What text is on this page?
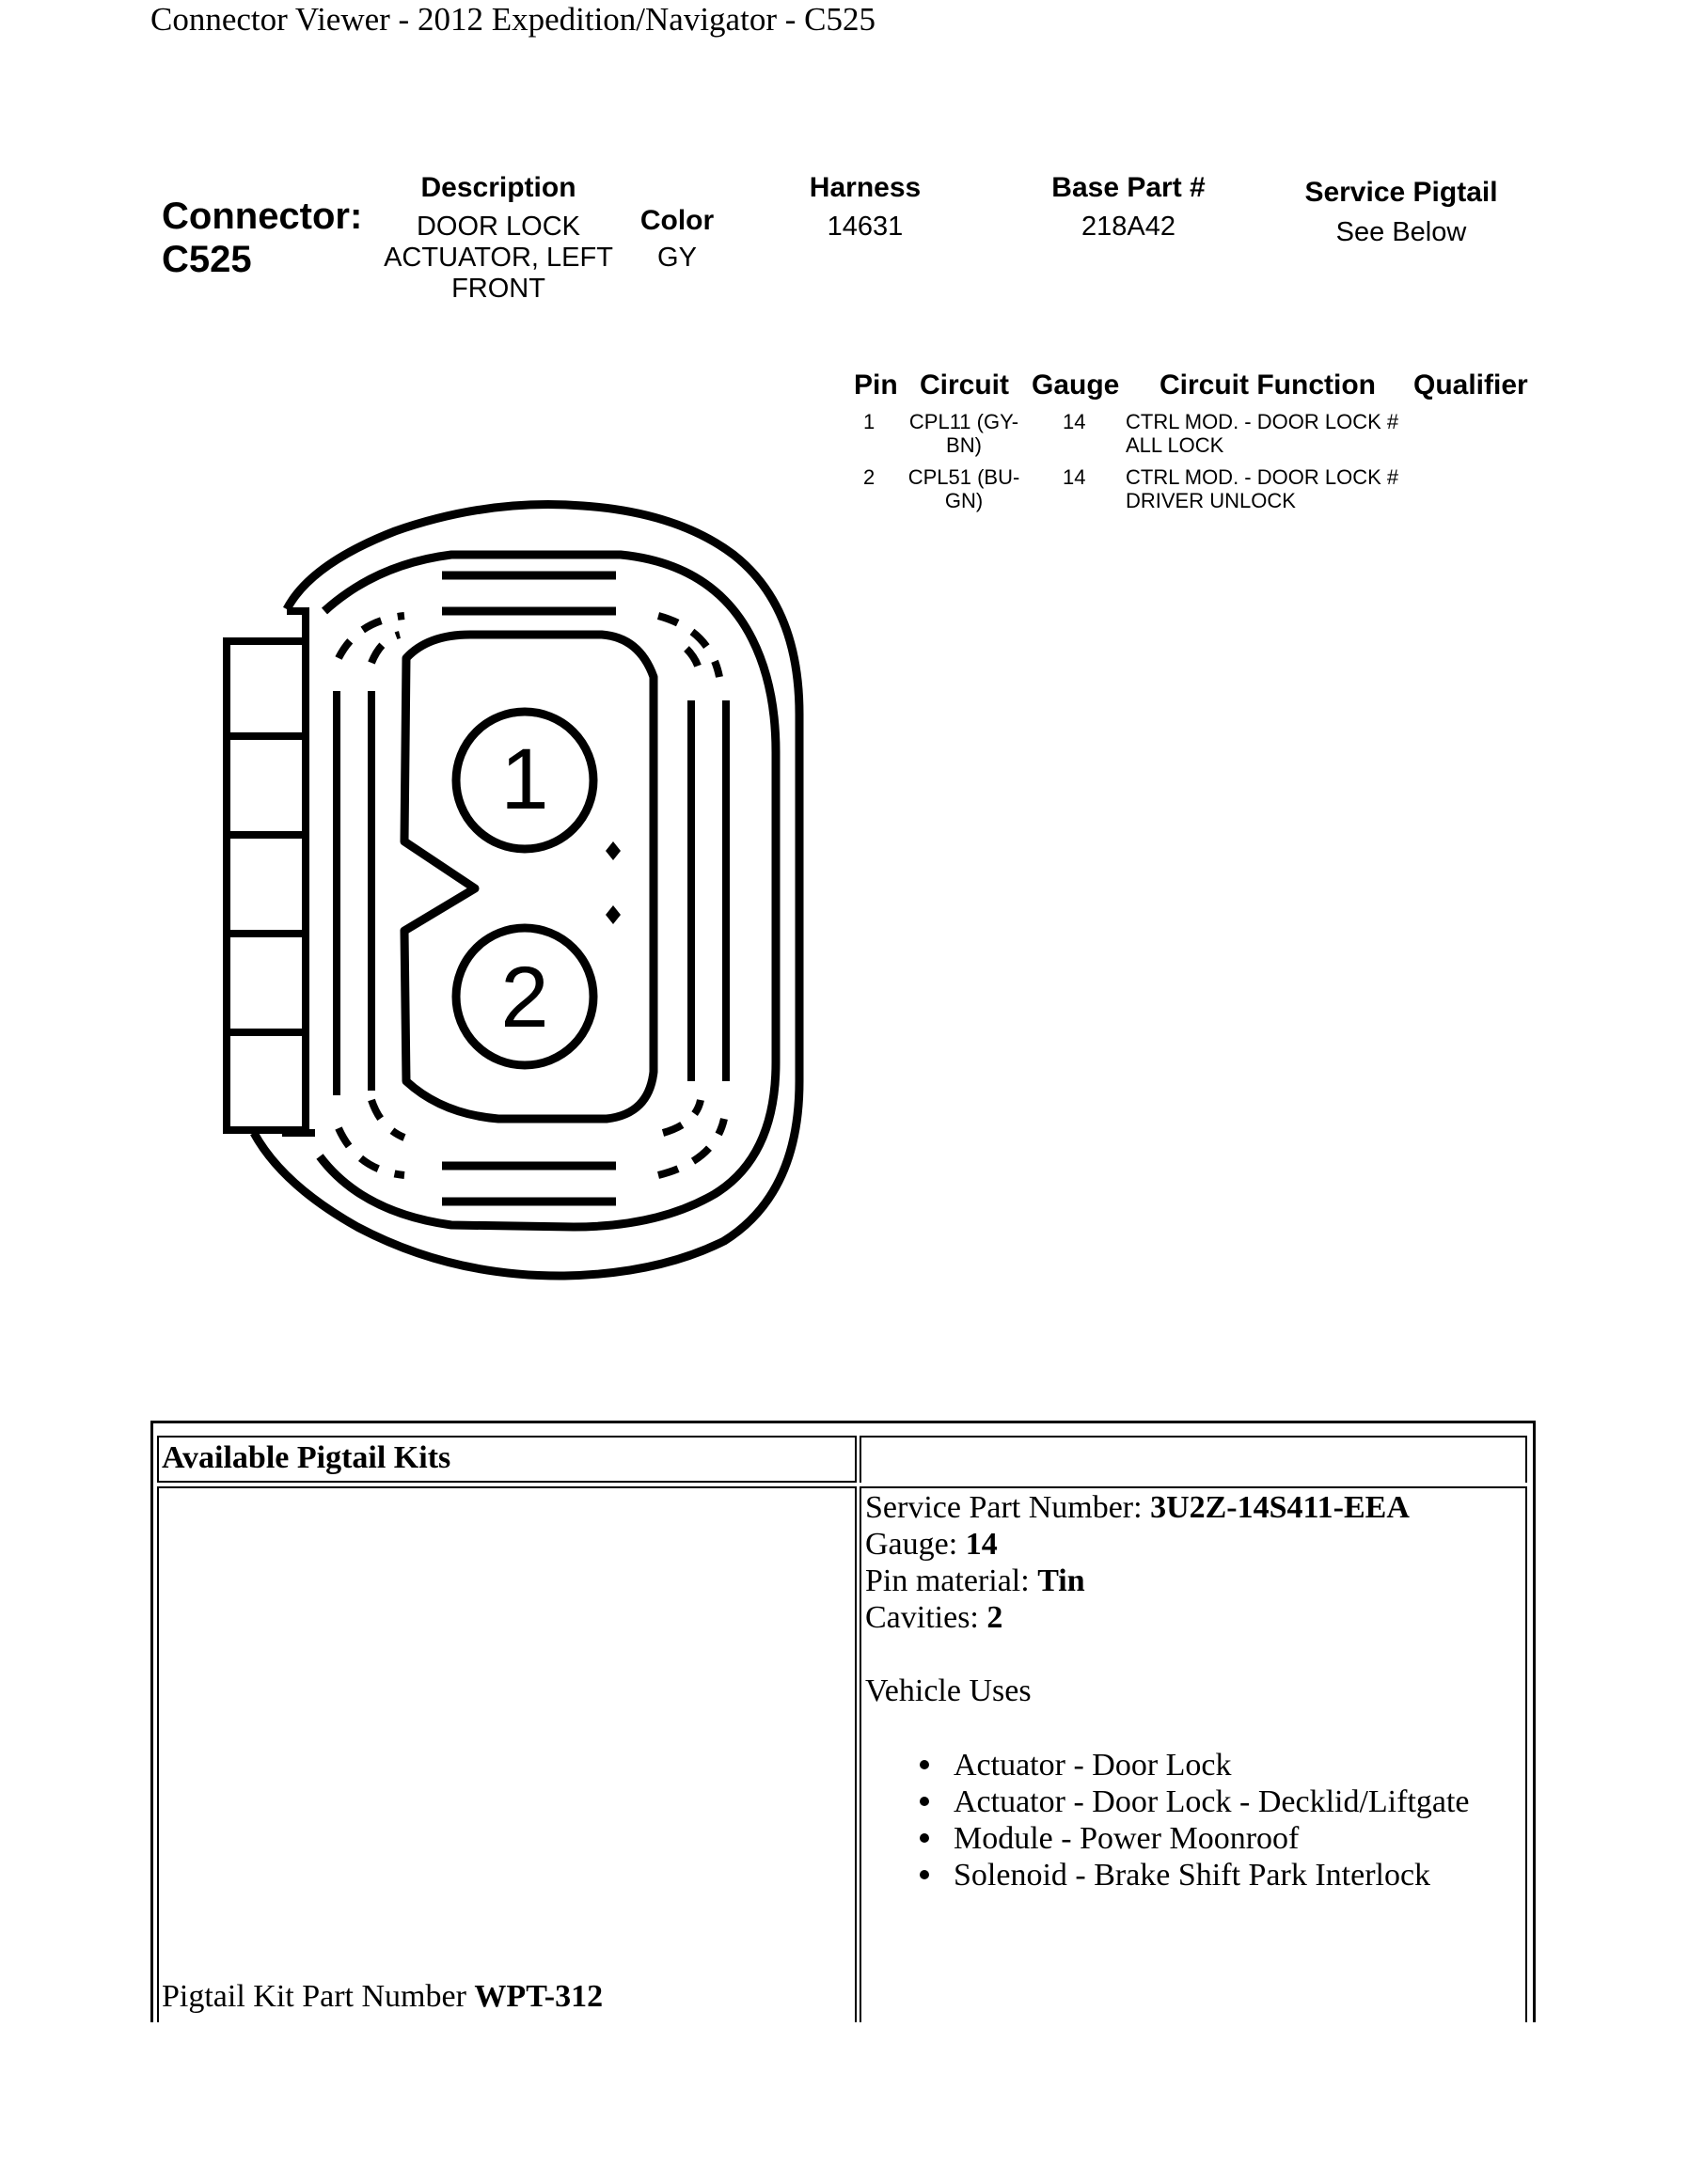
Connector Viewer - 2012 Expedition/Navigator - C525
Connector:
C525
Description
DOOR LOCK
ACTUATOR, LEFT
FRONT
Color
GY
Harness
14631
Base Part #
218A42
Service Pigtail
See Below
Pin Circuit Gauge Circuit Function Qualifier
1	CPL11 (GY-
BN)
14 CTRL MOD. - DOOR LOCK #
ALL LOCK
2	CPL51 (BU-
GN)
14 CTRL MOD. - DOOR LOCK #
DRIVER UNLOCK
1
2
Available Pigtail Kits
Pigtail Kit Part Number WPT-312
Service Part Number: 3U2Z-14S411-EEA
Gauge: 14
Pin material: Tin
Cavities: 2
Vehicle Uses
Actuator - Door Lock
Actuator - Door Lock - Decklid/Liftgate
Module - Power Moonroof
Solenoid - Brake Shift Park Interlock
